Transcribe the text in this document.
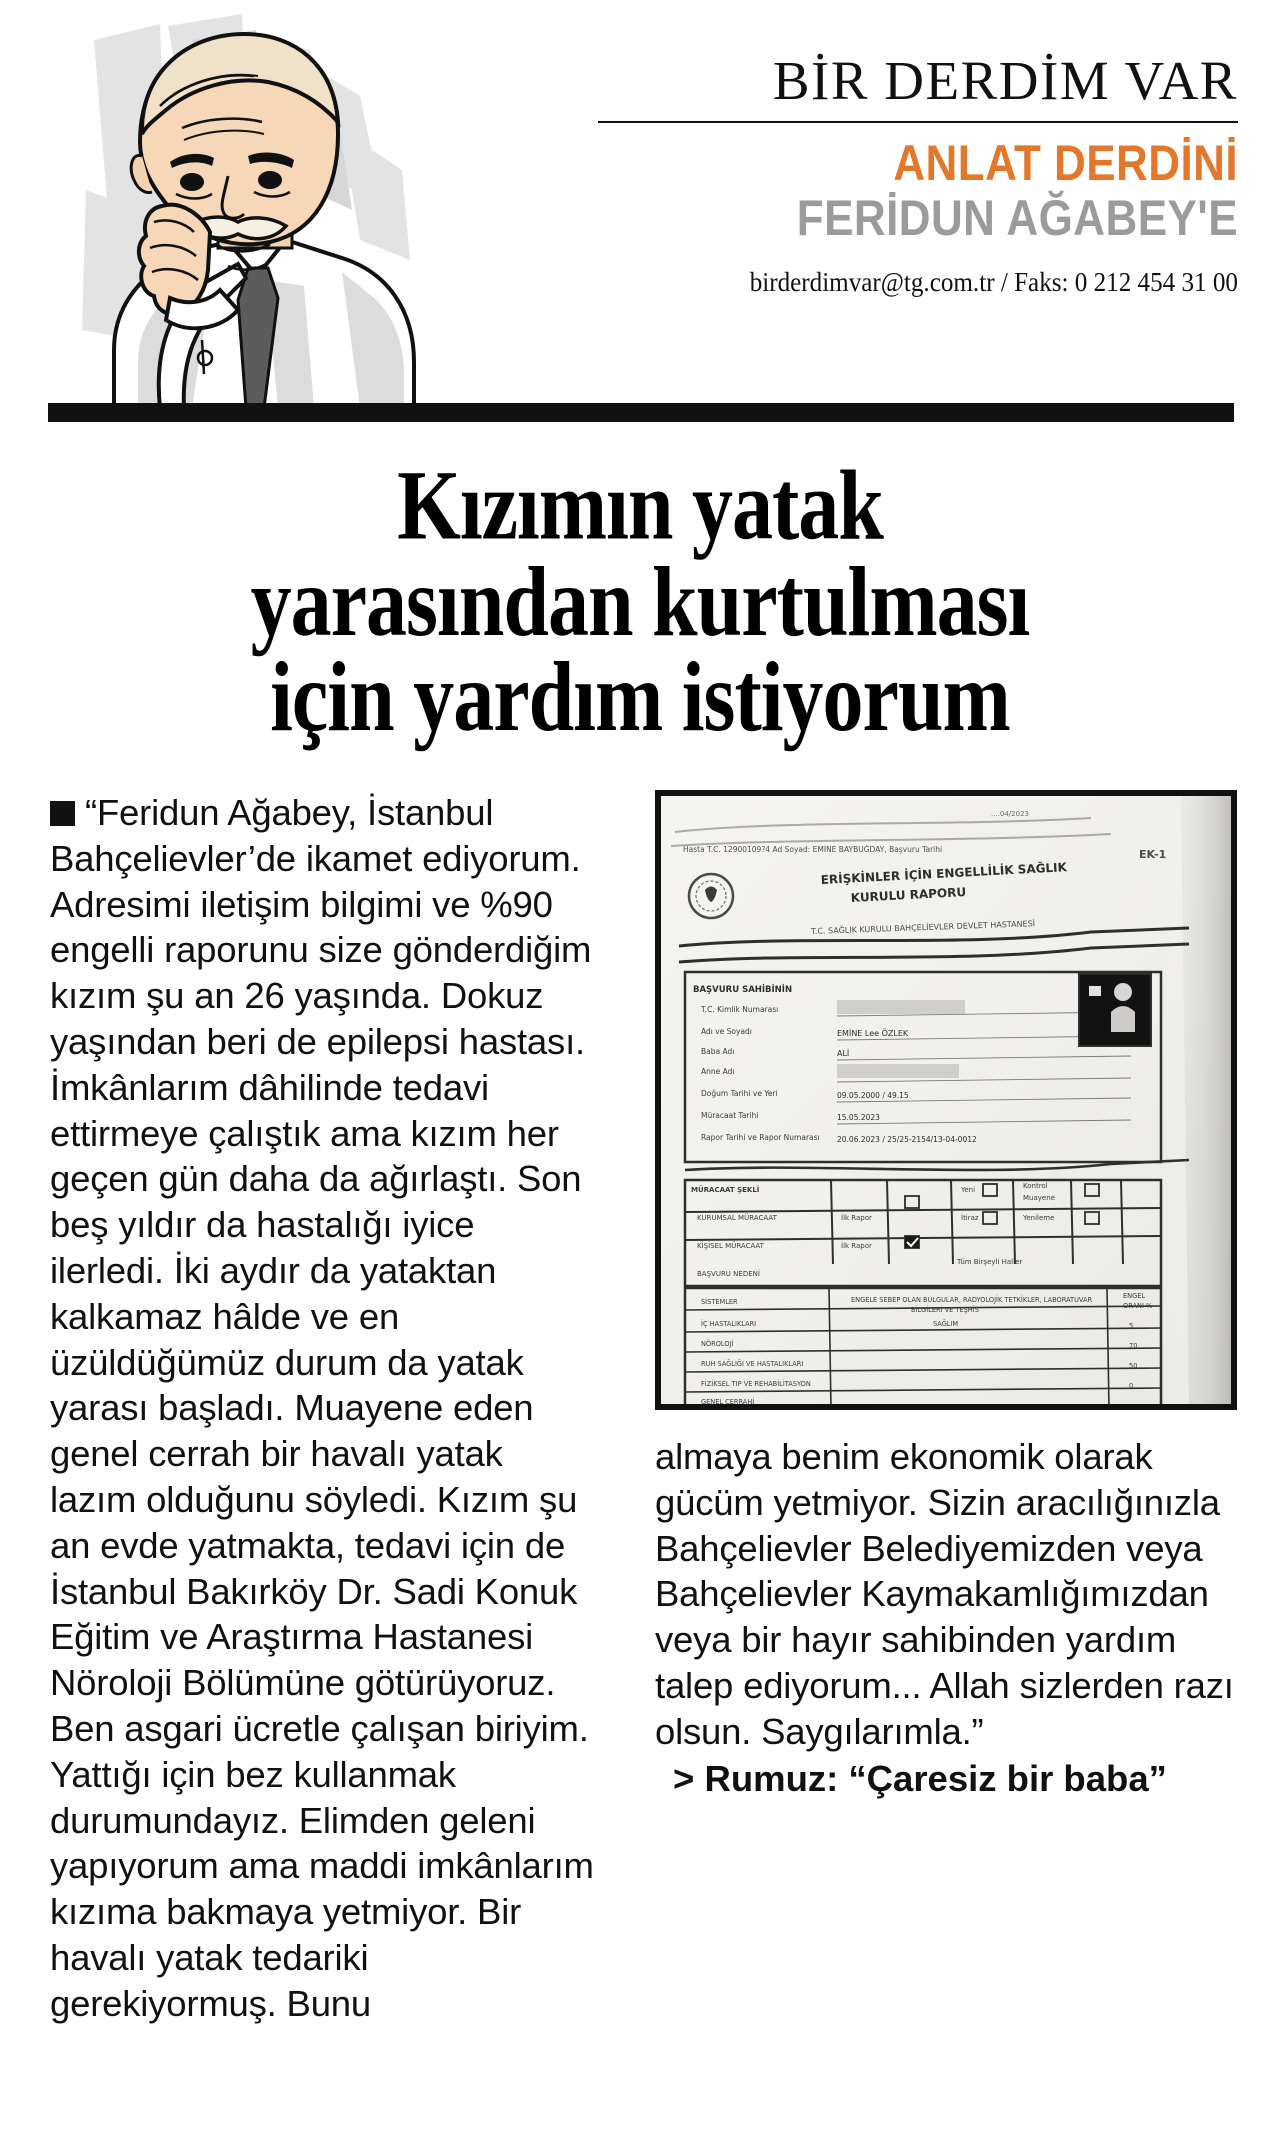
BİR DERDİM VAR
ANLAT DERDİNİ
FERİDUN AĞABEY'E
birderdimvar@tg.com.tr / Faks: 0 212 454 31 00
Kızımın yatak
yarasından kurtulması
için yardım istiyorum

“Feridun Ağabey, İstanbul Bahçelievler’de ikamet ediyorum. Adresimi iletişim bilgimi ve %90 engelli raporunu size gönderdiğim kızım şu an 26 yaşında. Dokuz yaşından beri de epilepsi hastası. İmkânlarım dâhilinde tedavi ettirmeye çalıştık ama kızım her geçen gün daha da ağırlaştı. Son beş yıldır da hastalığı iyice ilerledi. İki aydır da yataktan kalkamaz hâlde ve en üzüldüğümüz durum da yatak yarası başladı. Muayene eden genel cerrah bir havalı yatak lazım olduğunu söyledi. Kızım şu an evde yatmakta, tedavi için de İstanbul Bakırköy Dr. Sadi Konuk Eğitim ve Araştırma Hastanesi Nöroloji Bölümüne götürüyoruz. Ben asgari ücretle çalışan biriyim. Yattığı için bez kullanmak durumundayız. Elimden geleni yapıyorum ama maddi imkânlarım kızıma bakmaya yetmiyor. Bir havalı yatak tedariki gerekiyormuş. Bunu

....04/2023
Hasta T.C. 12900109?4 Ad Soyad: EMİNE BAYBUĞDAY, Başvuru Tarihi	EK-1
ERİŞKİNLER İÇİN ENGELLİLİK SAĞLIK
KURULU RAPORU
T.C. SAĞLIK KURULU BAHÇELİEVLER DEVLET HASTANESİ
BAŞVURU SAHİBİNİN
T.C. Kimlik Numarası
Adı ve Soyadı
Baba Adı
Anne Adı
Doğum Tarihi ve Yeri
Müracaat Tarihi
Rapor Tarihi ve Rapor Numarası
EMİNE Lee ÖZLEK
ALİ
09.05.2000 / 49.15
15.05.2023
20.06.2023 / 25/25-2154/13-04-0012
MÜRACAAT ŞEKLİ
KURUMSAL MÜRACAAT
KİŞİSEL MÜRACAAT
BAŞVURU NEDENİ
İlk Rapor
İlk Rapor
Yeni
İtiraz
Kontrol
Muayene
Yenileme
Tüm Birşeyli Haller
SİSTEMLER
İÇ HASTALIKLARI
NÖROLOJİ
RUH SAĞLIĞI VE HASTALIKLARI
FİZİKSEL TIP VE REHABİLİTASYON
GENEL CERRAHİ
ENGELE SEBEP OLAN BULGULAR, RADYOLOJİK TETKİKLER, LABORATUVAR
BİLGİLERİ VE TEŞHİS
SAĞLIM
ENGEL
ORANI %
5
70
50
0

almaya benim ekonomik olarak gücüm yetmiyor. Sizin aracılığınızla Bahçelievler Belediyemizden veya Bahçelievler Kaymakamlığımızdan veya bir hayır sahibinden yardım talep ediyorum... Allah sizlerden razı olsun. Saygılarımla.”

> Rumuz: “Çaresiz bir baba”
